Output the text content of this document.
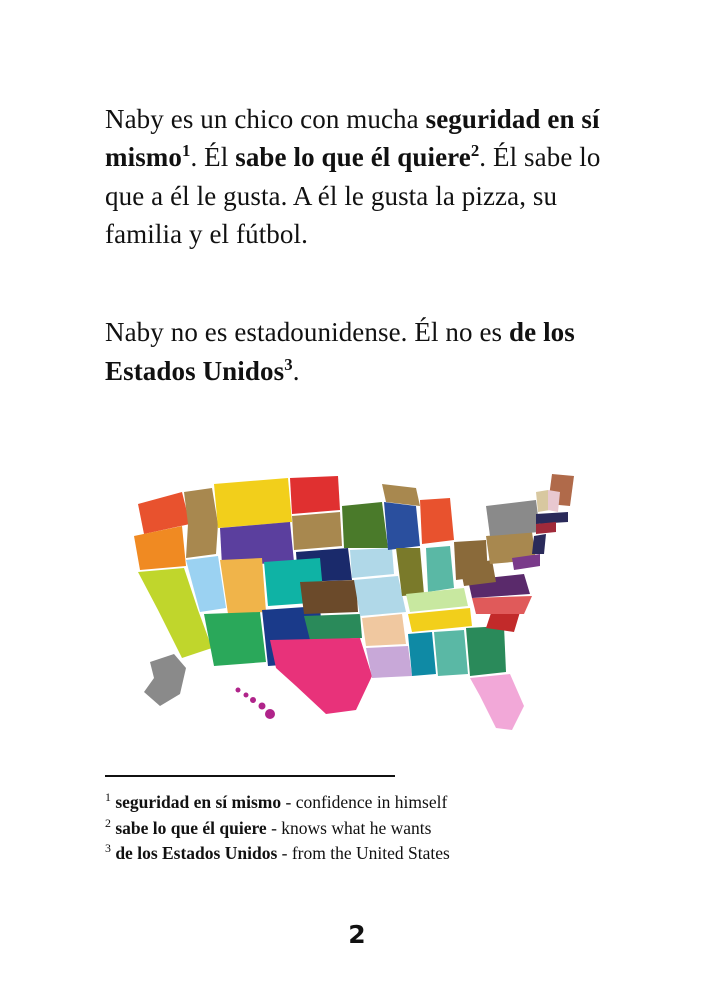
Naby es un chico con mucha seguridad en sí mismo$^1$. Él sabe lo que él quiere$^2$. Él sabe lo que a él le gusta. A él le gusta la pizza, su familia y el fútbol.

Naby no es estadounidense. Él no es de los Estados Unidos$^3$.

$^1$ seguridad en sí mismo - confidence in himself
$^2$ sabe lo que él quiere - knows what he wants
$^3$ de los Estados Unidos - from the United States
2
